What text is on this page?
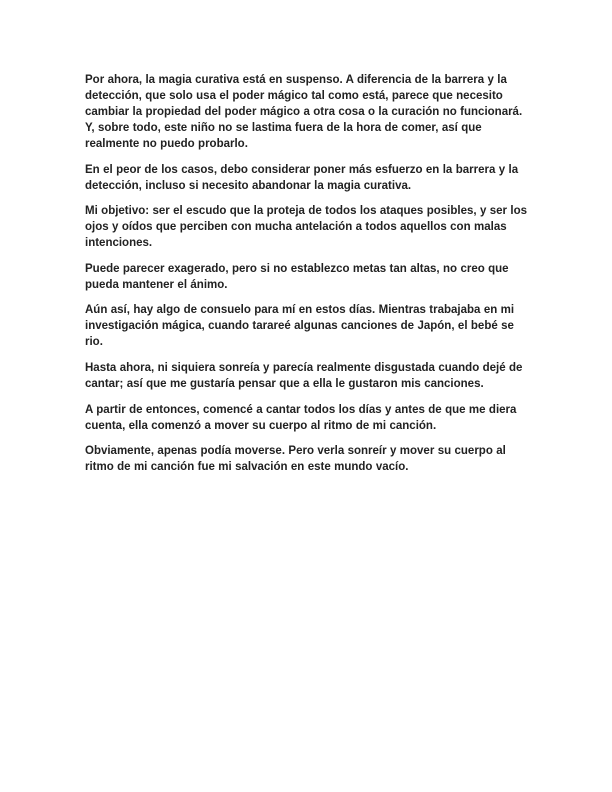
Por ahora, la magia curativa está en suspenso. A diferencia de la barrera y la detección, que solo usa el poder mágico tal como está, parece que necesito cambiar la propiedad del poder mágico a otra cosa o la curación no funcionará. Y, sobre todo, este niño no se lastima fuera de la hora de comer, así que realmente no puedo probarlo.

En el peor de los casos, debo considerar poner más esfuerzo en la barrera y la detección, incluso si necesito abandonar la magia curativa.

Mi objetivo: ser el escudo que la proteja de todos los ataques posibles, y ser los ojos y oídos que perciben con mucha antelación a todos aquellos con malas intenciones.

Puede parecer exagerado, pero si no establezco metas tan altas, no creo que pueda mantener el ánimo.

Aún así, hay algo de consuelo para mí en estos días. Mientras trabajaba en mi investigación mágica, cuando tarareé algunas canciones de Japón, el bebé se rio.

Hasta ahora, ni siquiera sonreía y parecía realmente disgustada cuando dejé de cantar; así que me gustaría pensar que a ella le gustaron mis canciones.

A partir de entonces, comencé a cantar todos los días y antes de que me diera cuenta, ella comenzó a mover su cuerpo al ritmo de mi canción.

Obviamente, apenas podía moverse. Pero verla sonreír y mover su cuerpo al ritmo de mi canción fue mi salvación en este mundo vacío.
